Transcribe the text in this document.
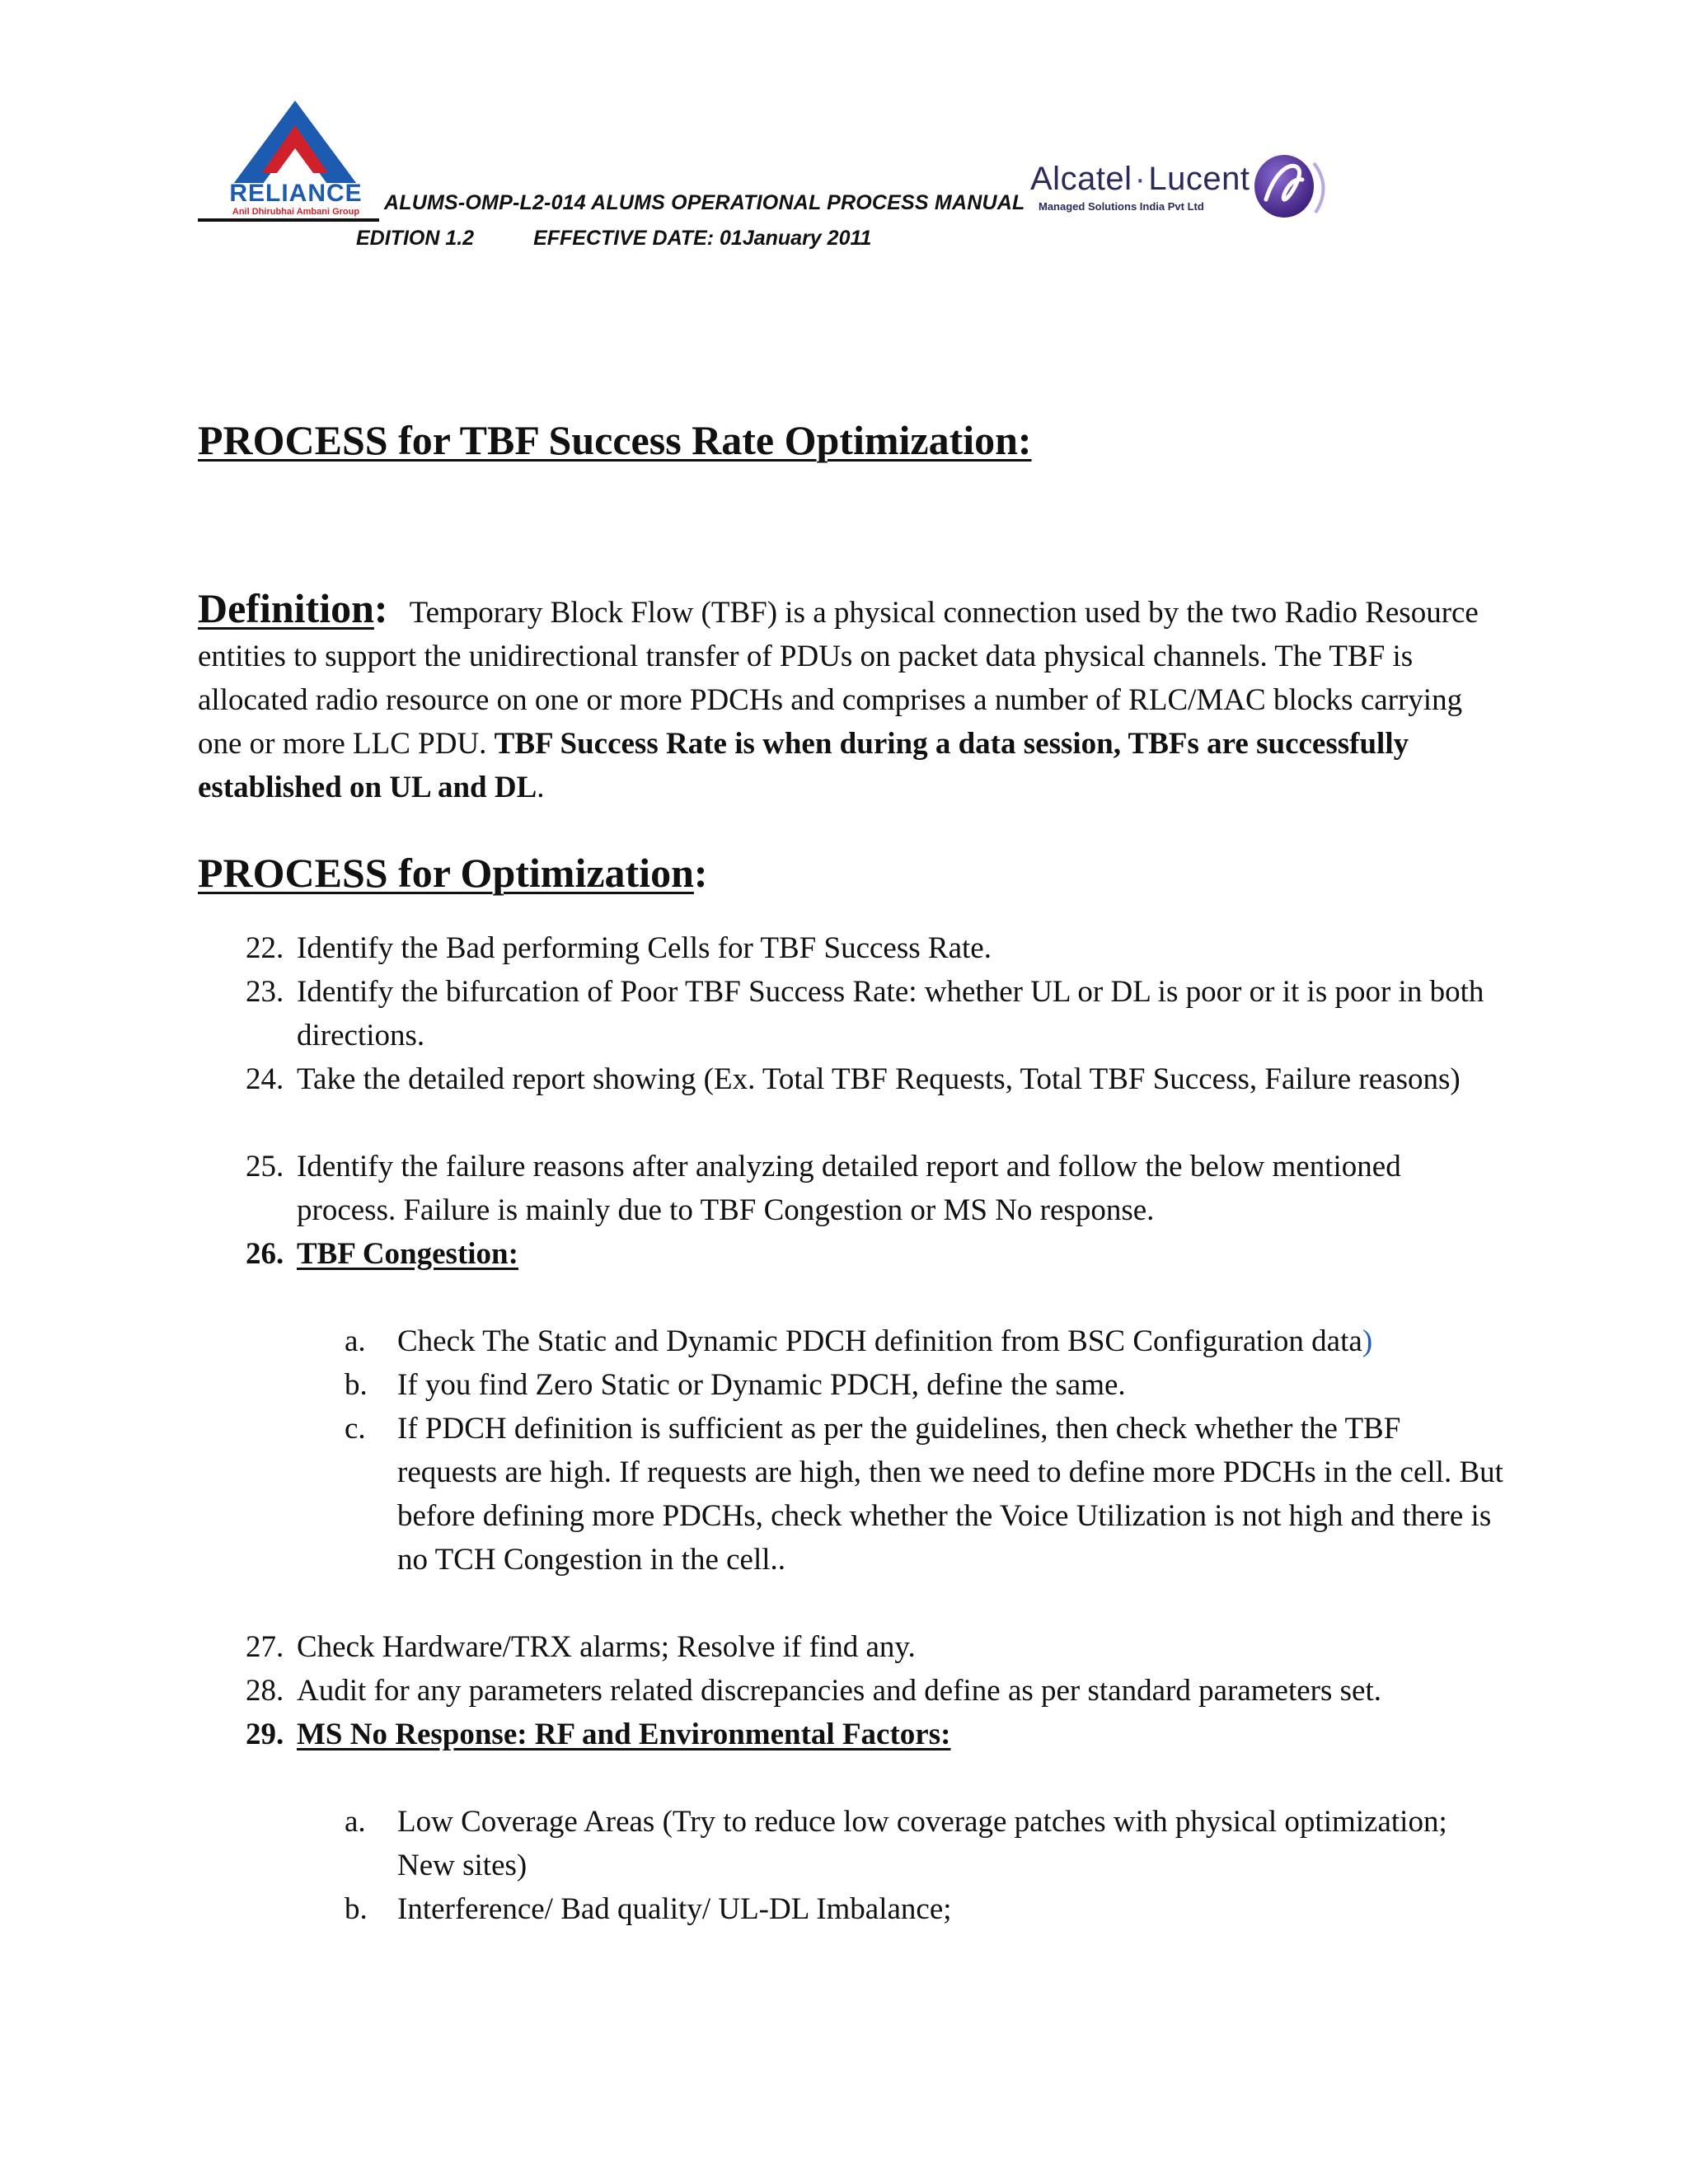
RELIANCE
Anil Dhirubhai Ambani Group	ALUMS-OMP-L2-014 ALUMS OPERATIONAL PROCESS MANUAL
EDITION 1.2	EFFECTIVE DATE: 01January 2011
Alcatel·Lucent
Managed Solutions India Pvt Ltd
PROCESS for TBF Success Rate Optimization:
Definition: Temporary Block Flow (TBF) is a physical connection used by the two Radio Resource entities to support the unidirectional transfer of PDUs on packet data physical channels. The TBF is allocated radio resource on one or more PDCHs and comprises a number of RLC/MAC blocks carrying one or more LLC PDU. TBF Success Rate is when during a data session, TBFs are successfully established on UL and DL.
PROCESS for Optimization:
22. Identify the Bad performing Cells for TBF Success Rate.
23. Identify the bifurcation of Poor TBF Success Rate: whether UL or DL is poor or it is poor in both directions.
24. Take the detailed report showing (Ex. Total TBF Requests, Total TBF Success, Failure reasons)
25. Identify the failure reasons after analyzing detailed report and follow the below mentioned process. Failure is mainly due to TBF Congestion or MS No response.
26. TBF Congestion:
a. Check The Static and Dynamic PDCH definition from BSC Configuration data)
b. If you find Zero Static or Dynamic PDCH, define the same.
c. If PDCH definition is sufficient as per the guidelines, then check whether the TBF requests are high. If requests are high, then we need to define more PDCHs in the cell. But before defining more PDCHs, check whether the Voice Utilization is not high and there is no TCH Congestion in the cell..
27. Check Hardware/TRX alarms; Resolve if find any.
28. Audit for any parameters related discrepancies and define as per standard parameters set.
29. MS No Response: RF and Environmental Factors:
a. Low Coverage Areas (Try to reduce low coverage patches with physical optimization; New sites)
b. Interference/ Bad quality/ UL-DL Imbalance;
